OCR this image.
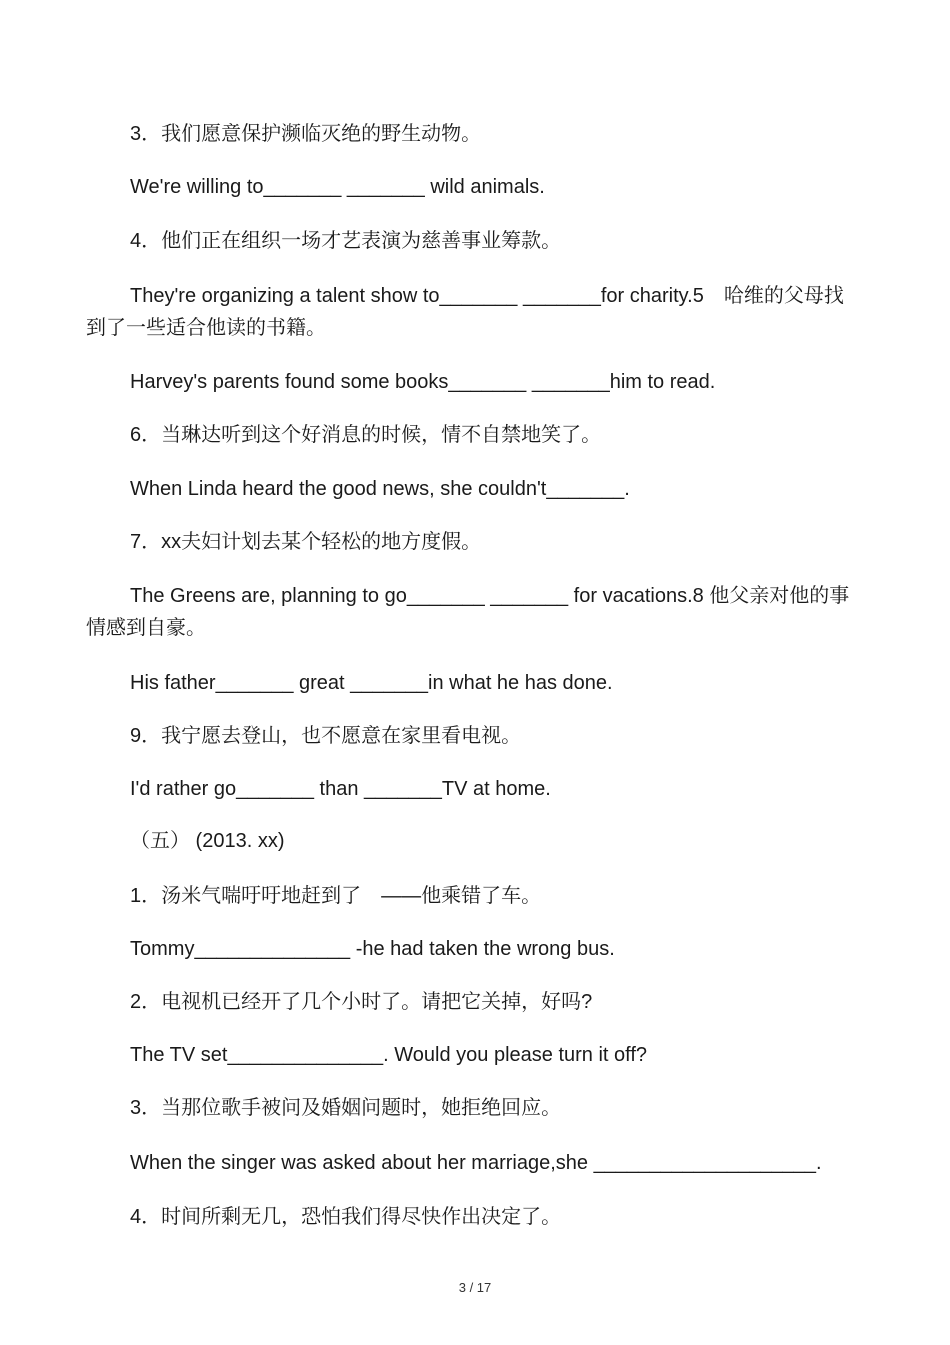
3．我们愿意保护濒临灭绝的野生动物。

We're willing to_______ _______ wild animals.

4．他们正在组织一场才艺表演为慈善事业筹款。

They're organizing a talent show to_______ _______for charity.5　哈维的父母找到了一些适合他读的书籍。

Harvey's parents found some books_______ _______him to read.

6．当琳达听到这个好消息的时候，情不自禁地笑了。

When Linda heard the good news, she couldn't_______.

7．xx夫妇计划去某个轻松的地方度假。

The Greens are, planning to go_______ _______ for vacations.8 他父亲对他的事情感到自豪。

His father_______ great _______in what he has done.

9．我宁愿去登山，也不愿意在家里看电视。

I'd rather go_______ than _______TV at home.

（五） (2013. xx)

1．汤米气喘吁吁地赶到了　——他乘错了车。

Tommy______________ -he had taken the wrong bus.

2．电视机已经开了几个小时了。请把它关掉，好吗?

The TV set______________. Would you please turn it off?

3．当那位歌手被问及婚姻问题时，她拒绝回应。

When the singer was asked about her marriage,she ____________________.

4．时间所剩无几，恐怕我们得尽快作出决定了。

3 / 17
